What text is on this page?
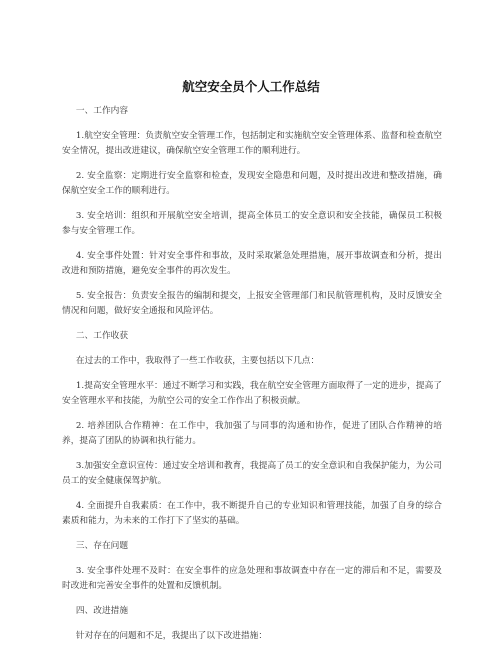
航空安全员个人工作总结

一、工作内容

1.航空安全管理：负责航空安全管理工作，包括制定和实施航空安全管理体系、监督和检查航空安全情况，提出改进建议，确保航空安全管理工作的顺利进行。

2. 安全监察：定期进行安全监察和检查，发现安全隐患和问题，及时提出改进和整改措施，确保航空安全工作的顺利进行。

3. 安全培训：组织和开展航空安全培训，提高全体员工的安全意识和安全技能，确保员工积极参与安全管理工作。

4. 安全事件处置：针对安全事件和事故，及时采取紧急处理措施，展开事故调查和分析，提出改进和预防措施，避免安全事件的再次发生。

5. 安全报告：负责安全报告的编制和提交，上报安全管理部门和民航管理机构，及时反馈安全情况和问题，做好安全通报和风险评估。

二、工作收获

在过去的工作中，我取得了一些工作收获，主要包括以下几点：

1.提高安全管理水平：通过不断学习和实践，我在航空安全管理方面取得了一定的进步，提高了安全管理水平和技能，为航空公司的安全工作作出了积极贡献。

2. 培养团队合作精神：在工作中，我加强了与同事的沟通和协作，促进了团队合作精神的培养，提高了团队的协调和执行能力。

3.加强安全意识宣传：通过安全培训和教育，我提高了员工的安全意识和自我保护能力，为公司员工的安全健康保驾护航。

4. 全面提升自我素质：在工作中，我不断提升自己的专业知识和管理技能，加强了自身的综合素质和能力，为未来的工作打下了坚实的基础。

三、存在问题

3. 安全事件处理不及时：在安全事件的应急处理和事故调查中存在一定的滞后和不足，需要及时改进和完善安全事件的处置和反馈机制。

四、改进措施

针对存在的问题和不足，我提出了以下改进措施：
